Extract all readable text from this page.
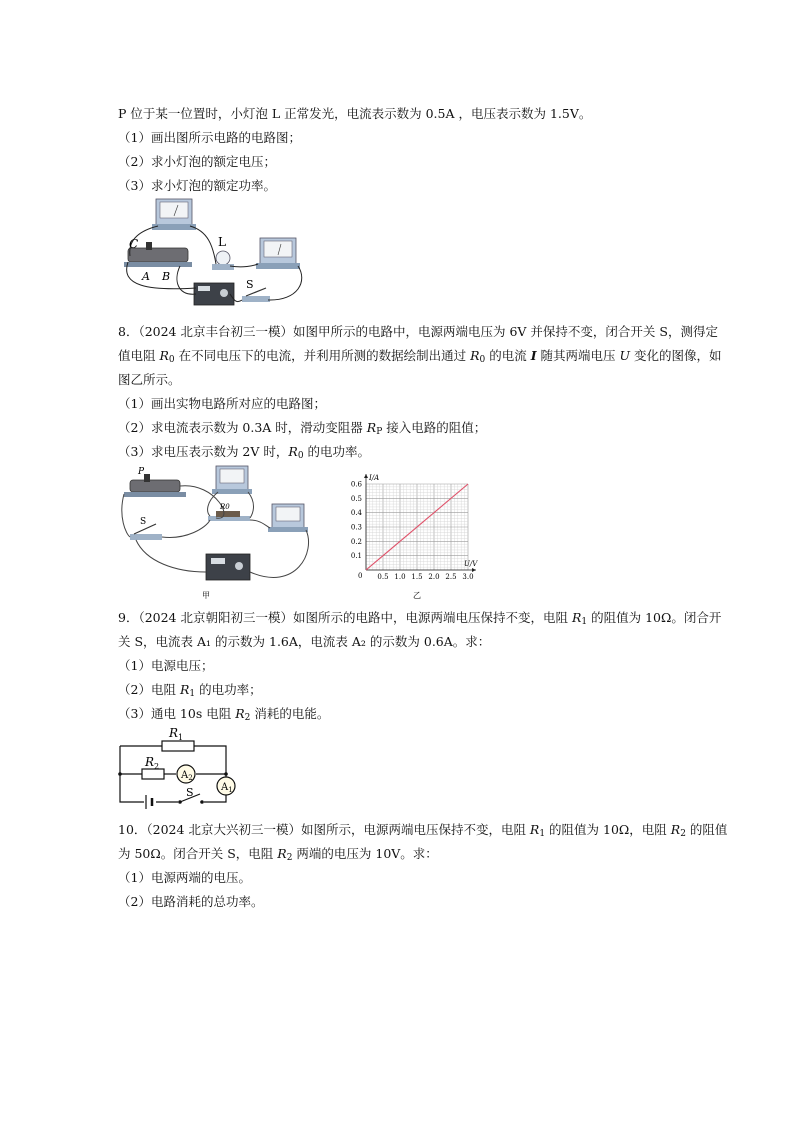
P 位于某一位置时，小灯泡 L 正常发光，电流表示数为 0.5A ，电压表示数为 1.5V。
（1）画出图所示电路的电路图；
（2）求小灯泡的额定电压；
（3）求小灯泡的额定功率。
C
A B
L
S
8．（2024 北京丰台初三一模）如图甲所示的电路中，电源两端电压为 6V 并保持不变，闭合开关 S，测得定
值电阻 $R_0$ 在不同电压下的电流，并利用所测的数据绘制出通过 $R_0$ 的电流 I 随其两端电压 U 变化的图像，如
图乙所示。
（1）画出实物电路所对应的电路图；
（2）求电流表示数为 0.3A 时，滑动变阻器 $R_P$ 接入电路的阻值；
（3）求电压表示数为 2V 时，$R_0$ 的电功率。
P
S
R0
甲
0.5 1.0 1.5 2.0 2.5 3.0
0.1
0.2
0.3
0.4
0.5
0.6
I/A
U/V
0
乙
9．（2024 北京朝阳初三一模）如图所示的电路中，电源两端电压保持不变，电阻 $R_1$ 的阻值为 10Ω。闭合开
关 S，电流表 A₁ 的示数为 1.6A，电流表 A₂ 的示数为 0.6A。求：
（1）电源电压；
（2）电阻 $R_1$ 的电功率；
（3）通电 10s 电阻 $R_2$ 消耗的电能。
$R_1$
$R_2$
$A_2$
$A_1$
S
10．（2024 北京大兴初三一模）如图所示，电源两端电压保持不变，电阻 $R_1$ 的阻值为 10Ω，电阻 $R_2$ 的阻值
为 50Ω。闭合开关 S，电阻 $R_2$ 两端的电压为 10V。求：
（1）电源两端的电压。
（2）电路消耗的总功率。
